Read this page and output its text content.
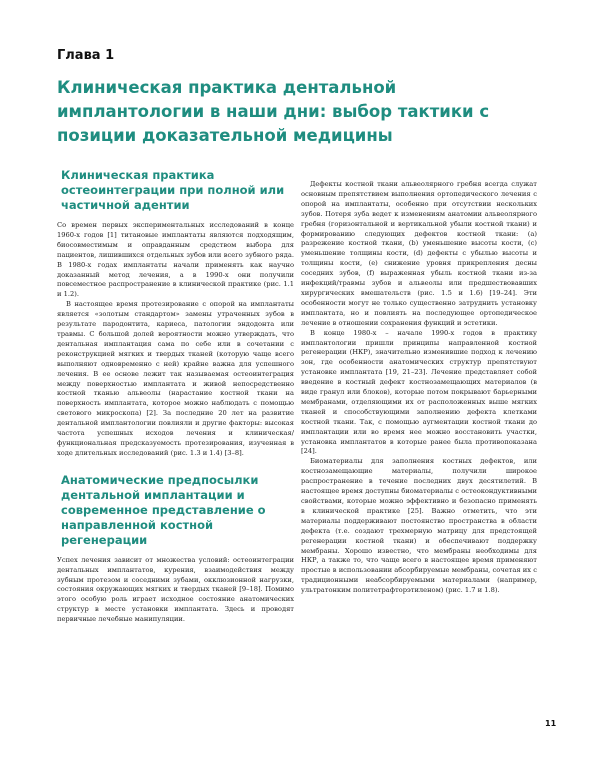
Глава 1
Клиническая практика дентальной имплантологии в наши дни: выбор тактики с позиции доказательной медицины
Клиническая практика остеоинтеграции при полной или частичной адентии

Со времен первых экспериментальных исследований в конце 1960-х годов [1] титановые имплантаты являются подходящим, биосовместимым и оправданным средством выбора для пациентов, лишившихся отдельных зубов или всего зубного ряда. В 1980-х годах имплантаты начали применять как научно доказанный метод лечения, а в 1990-х они получили повсеместное распространение в клинической практике (рис. 1.1 и 1.2).

В настоящее время протезирование с опорой на имплантаты является «золотым стандартом» замены утраченных зубов в результате пародонтита, кариеса, патологии эндодонта или травмы. С большой долей вероятности можно утверждать, что дентальная имплантация сама по себе или в сочетании с реконструкцией мягких и твердых тканей (которую чаще всего выполняют одновременно с ней) крайне важна для успешного лечения. В ее основе лежит так называемая остеоинтеграция между поверхностью имплантата и живой непосредственно костной тканью альвеолы (нарастание костной ткани на поверхность имплантата, которое можно наблюдать с помощью светового микроскопа) [2]. За последние 20 лет на развитие дентальной имплантологии повлияли и другие факторы: высокая частота успешных исходов лечения и клиническая/функциональная предсказуемость протезирования, изученная в ходе длительных исследований (рис. 1.3 и 1.4) [3–8].

Анатомические предпосылки дентальной имплантации и современное представление о направленной костной регенерации

Успех лечения зависит от множества условий: остеоинтеграции дентальных имплантатов, курения, взаимодействия между зубным протезом и соседними зубами, окклюзионной нагрузки, состояния окружающих мягких и твердых тканей [9–18]. Помимо этого особую роль играет исходное состояние анатомических структур в месте установки имплантата. Здесь и проводят первичные лечебные манипуляции.

Дефекты костной ткани альвеолярного гребня всегда служат основным препятствием выполнения ортопедического лечения с опорой на имплантаты, особенно при отсутствии нескольких зубов. Потеря зуба ведет к изменениям анатомии альвеолярного гребня (горизонтальной и вертикальной убыли костной ткани) и формированию следующих дефектов костной ткани: (а) разрежение костной ткани, (b) уменьшение высоты кости, (с) уменьшение толщины кости, (d) дефекты с убылью высоты и толщины кости, (e) снижение уровня прикрепления десны соседних зубов, (f) выраженная убыль костной ткани из-за инфекций/травмы зубов и альвеолы или предшествовавших хирургических вмешательств (рис. 1.5 и 1.6) [19–24]. Эти особенности могут не только существенно затруднить установку имплантата, но и повлиять на последующее ортопедическое лечение в отношении сохранения функций и эстетики.

В конце 1980-х – начале 1990-х годов в практику имплантологии пришли принципы направленной костной регенерации (НКР), значительно изменившие подход к лечению зон, где особенности анатомических структур препятствуют установке имплантата [19, 21–23]. Лечение представляет собой введение в костный дефект костнозамещающих материалов (в виде гранул или блоков), которые потом покрывают барьерными мембранами, отделяющими их от расположенных выше мягких тканей и способствующими заполнению дефекта клетками костной ткани. Так, с помощью аугментации костной ткани до имплантации или во время нее можно восстановить участки, установка имплантатов в которые ранее была противопоказана [24].

Биоматериалы для заполнения костных дефектов, или костнозамещающие материалы, получили широкое распространение в течение последних двух десятилетий. В настоящее время доступны биоматериалы с остеокондуктивными свойствами, которые можно эффективно и безопасно применять в клинической практике [25]. Важно отметить, что эти материалы поддерживают постоянство пространства в области дефекта (т.е. создают трехмерную матрицу для предстоящей регенерации костной ткани) и обеспечивают поддержку мембраны. Хорошо известно, что мембраны необходимы для НКР, а также то, что чаще всего в настоящее время применяют простые в использовании абсорбируемые мембраны, сочетая их с традиционными неабсорбируемыми материалами (например, ультратонким политетрафторэтиленом) (рис. 1.7 и 1.8).

11
